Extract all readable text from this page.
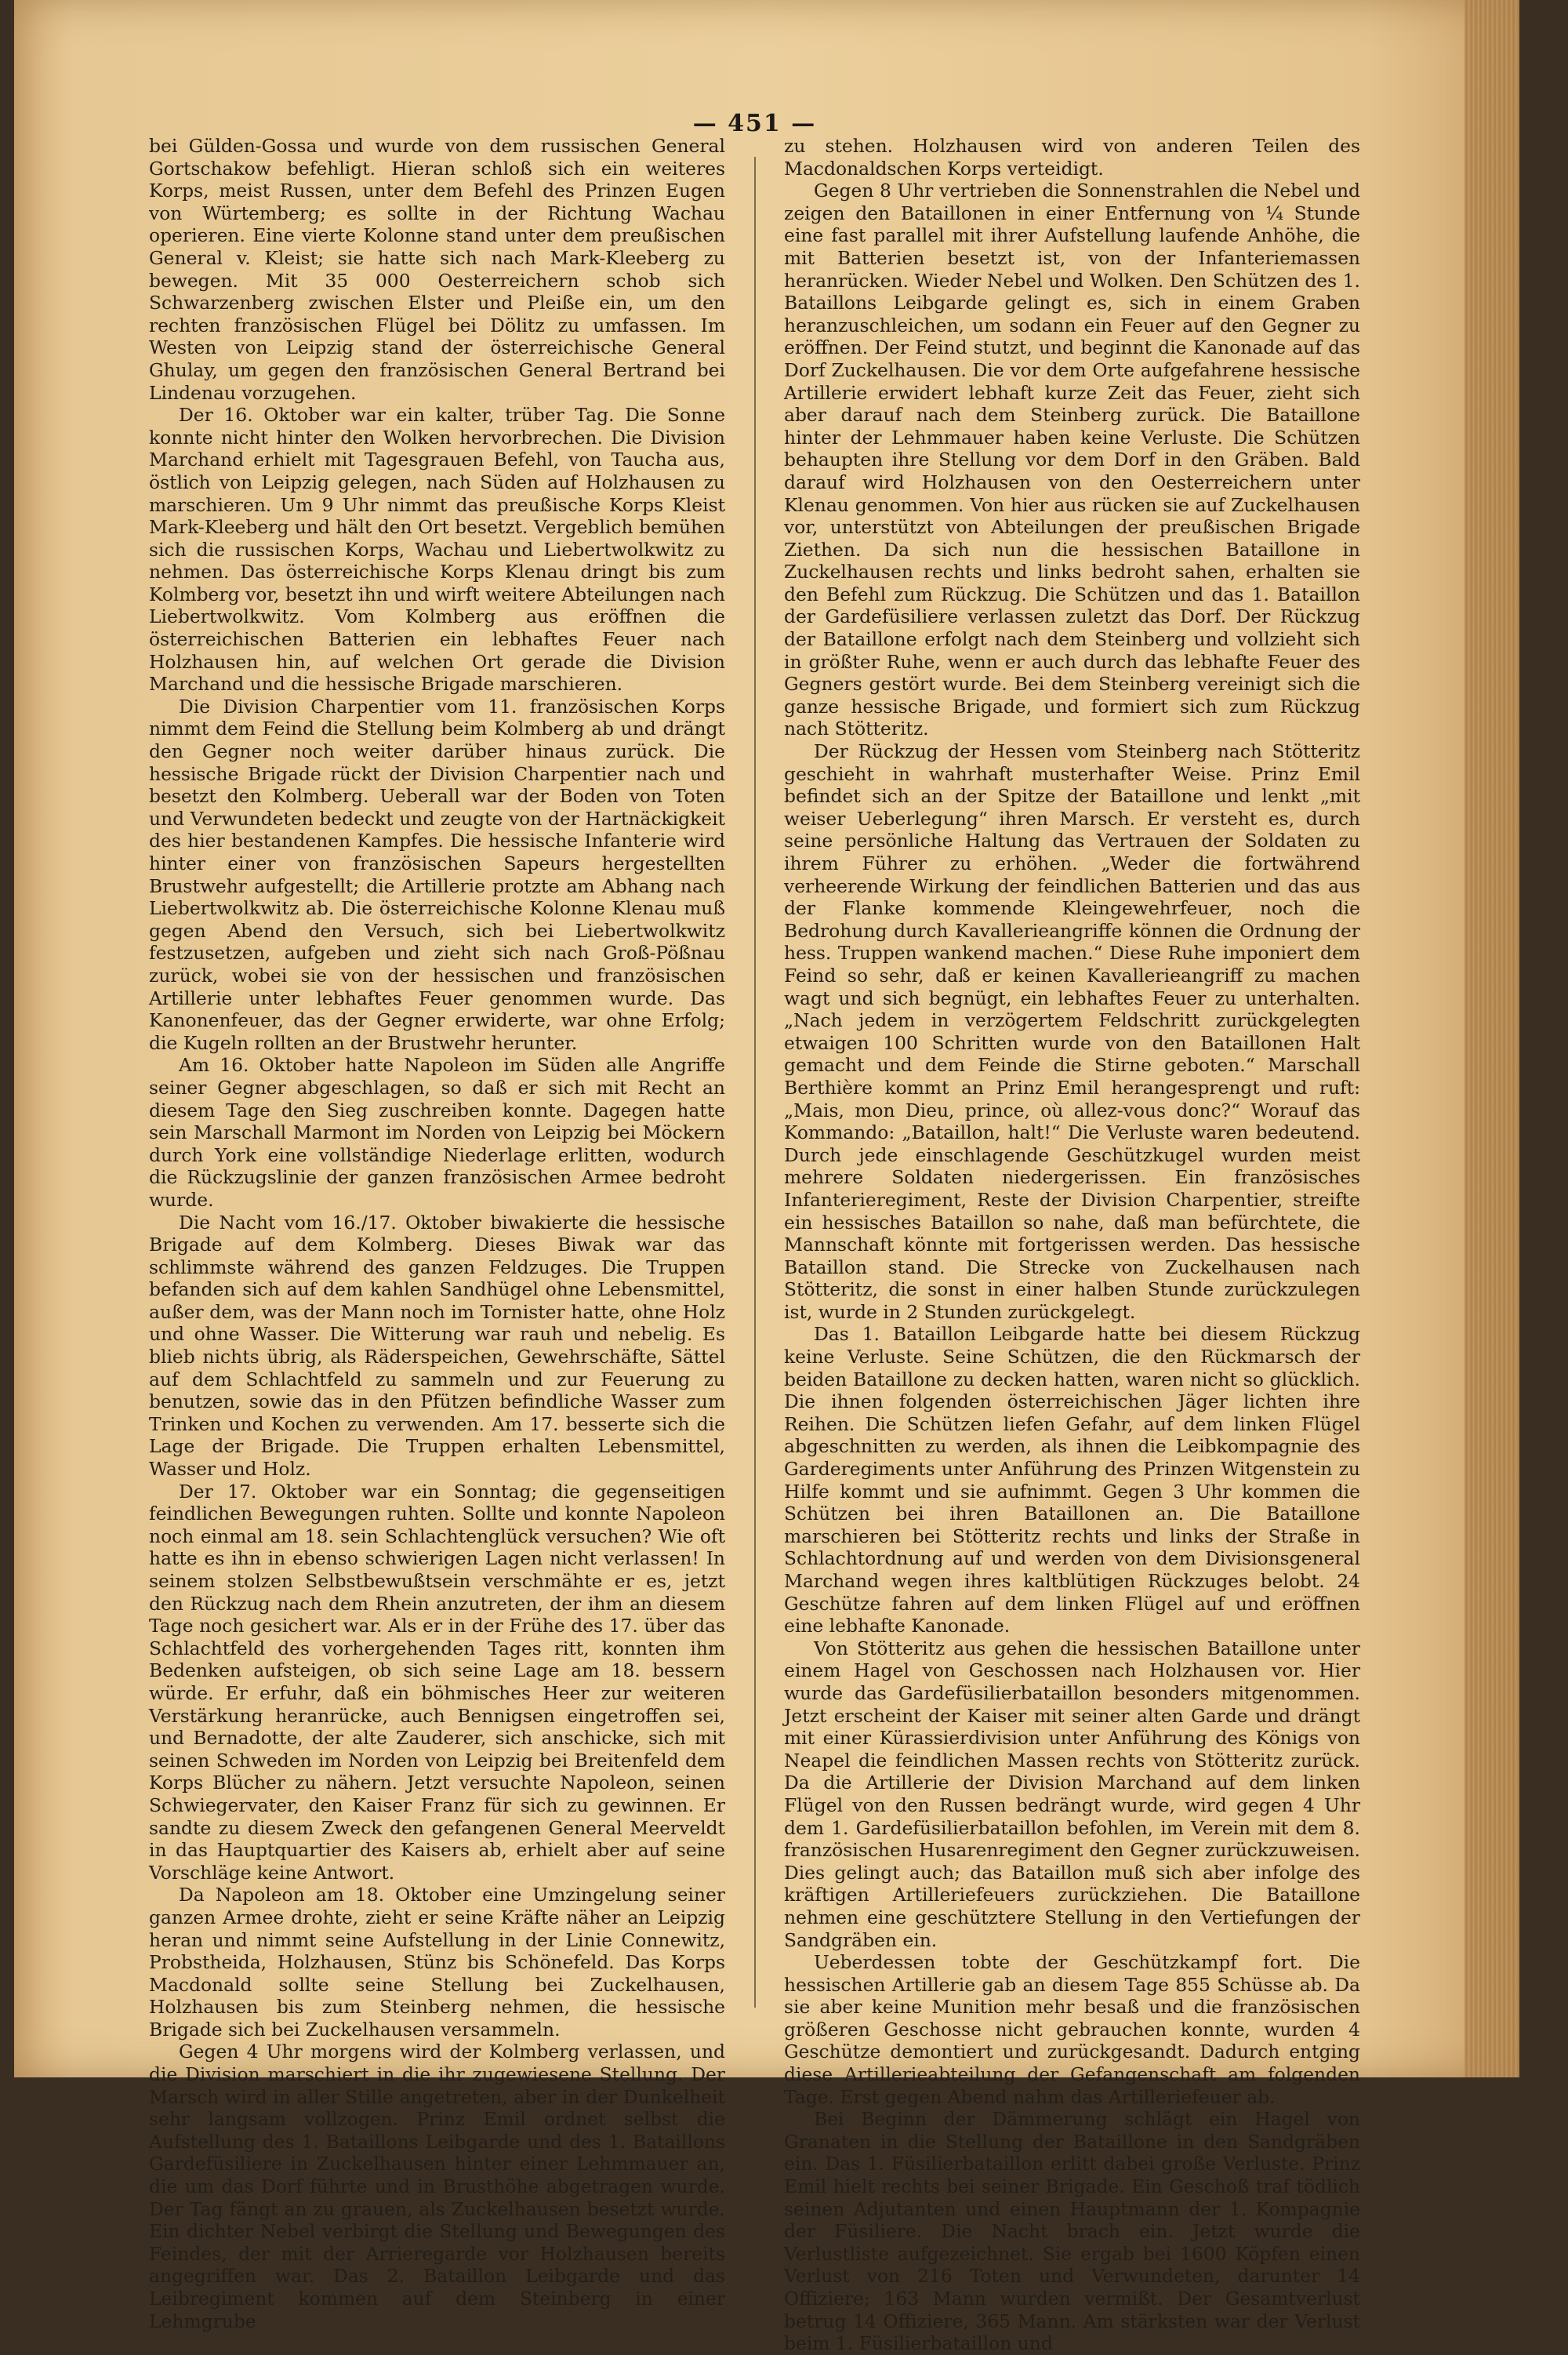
— 451 —

bei Gülden-Gossa und wurde von dem russischen General Gortschakow befehligt. Hieran schloß sich ein weiteres Korps, meist Russen, unter dem Befehl des Prinzen Eugen von Würtemberg; es sollte in der Richtung Wachau operieren. Eine vierte Kolonne stand unter dem preußischen General v. Kleist; sie hatte sich nach Mark-Kleeberg zu bewegen. Mit 35 000 Oesterreichern schob sich Schwarzenberg zwischen Elster und Pleiße ein, um den rechten französischen Flügel bei Dölitz zu umfassen. Im Westen von Leipzig stand der österreichische General Ghulay, um gegen den französischen General Bertrand bei Lindenau vorzugehen.

Der 16. Oktober war ein kalter, trüber Tag. Die Sonne konnte nicht hinter den Wolken hervorbrechen. Die Division Marchand erhielt mit Tagesgrauen Befehl, von Taucha aus, östlich von Leipzig gelegen, nach Süden auf Holzhausen zu marschieren. Um 9 Uhr nimmt das preußische Korps Kleist Mark-Kleeberg und hält den Ort besetzt. Vergeblich bemühen sich die russischen Korps, Wachau und Liebertwolkwitz zu nehmen. Das österreichische Korps Klenau dringt bis zum Kolmberg vor, besetzt ihn und wirft weitere Abteilungen nach Liebertwolkwitz. Vom Kolmberg aus eröffnen die österreichischen Batterien ein lebhaftes Feuer nach Holzhausen hin, auf welchen Ort gerade die Division Marchand und die hessische Brigade marschieren.

Die Division Charpentier vom 11. französischen Korps nimmt dem Feind die Stellung beim Kolmberg ab und drängt den Gegner noch weiter darüber hinaus zurück. Die hessische Brigade rückt der Division Charpentier nach und besetzt den Kolmberg. Ueberall war der Boden von Toten und Verwundeten bedeckt und zeugte von der Hartnäckigkeit des hier bestandenen Kampfes. Die hessische Infanterie wird hinter einer von französischen Sapeurs hergestellten Brustwehr aufgestellt; die Artillerie protzte am Abhang nach Liebertwolkwitz ab. Die österreichische Kolonne Klenau muß gegen Abend den Versuch, sich bei Liebertwolkwitz festzusetzen, aufgeben und zieht sich nach Groß-Pößnau zurück, wobei sie von der hessischen und französischen Artillerie unter lebhaftes Feuer genommen wurde. Das Kanonenfeuer, das der Gegner erwiderte, war ohne Erfolg; die Kugeln rollten an der Brustwehr herunter.

Am 16. Oktober hatte Napoleon im Süden alle Angriffe seiner Gegner abgeschlagen, so daß er sich mit Recht an diesem Tage den Sieg zuschreiben konnte. Dagegen hatte sein Marschall Marmont im Norden von Leipzig bei Möckern durch York eine vollständige Niederlage erlitten, wodurch die Rückzugslinie der ganzen französischen Armee bedroht wurde.

Die Nacht vom 16./17. Oktober biwakierte die hessische Brigade auf dem Kolmberg. Dieses Biwak war das schlimmste während des ganzen Feldzuges. Die Truppen befanden sich auf dem kahlen Sandhügel ohne Lebensmittel, außer dem, was der Mann noch im Tornister hatte, ohne Holz und ohne Wasser. Die Witterung war rauh und nebelig. Es blieb nichts übrig, als Räderspeichen, Gewehrschäfte, Sättel auf dem Schlachtfeld zu sammeln und zur Feuerung zu benutzen, sowie das in den Pfützen befindliche Wasser zum Trinken und Kochen zu verwenden. Am 17. besserte sich die Lage der Brigade. Die Truppen erhalten Lebensmittel, Wasser und Holz.

Der 17. Oktober war ein Sonntag; die gegenseitigen feindlichen Bewegungen ruhten. Sollte und konnte Napoleon noch einmal am 18. sein Schlachtenglück versuchen? Wie oft hatte es ihn in ebenso schwierigen Lagen nicht verlassen! In seinem stolzen Selbstbewußtsein verschmähte er es, jetzt den Rückzug nach dem Rhein anzutreten, der ihm an diesem Tage noch gesichert war. Als er in der Frühe des 17. über das Schlachtfeld des vorhergehenden Tages ritt, konnten ihm Bedenken aufsteigen, ob sich seine Lage am 18. bessern würde. Er erfuhr, daß ein böhmisches Heer zur weiteren Verstärkung heranrücke, auch Bennigsen eingetroffen sei, und Bernadotte, der alte Zauderer, sich anschicke, sich mit seinen Schweden im Norden von Leipzig bei Breitenfeld dem Korps Blücher zu nähern. Jetzt versuchte Napoleon, seinen Schwiegervater, den Kaiser Franz für sich zu gewinnen. Er sandte zu diesem Zweck den gefangenen General Meerveldt in das Hauptquartier des Kaisers ab, erhielt aber auf seine Vorschläge keine Antwort.

Da Napoleon am 18. Oktober eine Umzingelung seiner ganzen Armee drohte, zieht er seine Kräfte näher an Leipzig heran und nimmt seine Aufstellung in der Linie Connewitz, Probstheida, Holzhausen, Stünz bis Schönefeld. Das Korps Macdonald sollte seine Stellung bei Zuckelhausen, Holzhausen bis zum Steinberg nehmen, die hessische Brigade sich bei Zuckelhausen versammeln.

Gegen 4 Uhr morgens wird der Kolmberg verlassen, und die Division marschiert in die ihr zugewiesene Stellung. Der Marsch wird in aller Stille angetreten, aber in der Dunkelheit sehr langsam vollzogen. Prinz Emil ordnet selbst die Aufstellung des 1. Bataillons Leibgarde und des 1. Bataillons Gardefüsiliere in Zuckelhausen hinter einer Lehmmauer an, die um das Dorf führte und in Brusthöhe abgetragen wurde. Der Tag fängt an zu grauen, als Zuckelhausen besetzt wurde. Ein dichter Nebel verbirgt die Stellung und Bewegungen des Feindes, der mit der Arrieregarde vor Holzhausen bereits angegriffen war. Das 2. Bataillon Leibgarde und das Leibregiment kommen auf dem Steinberg in einer Lehmgrube

zu stehen. Holzhausen wird von anderen Teilen des Macdonaldschen Korps verteidigt.

Gegen 8 Uhr vertrieben die Sonnenstrahlen die Nebel und zeigen den Bataillonen in einer Entfernung von ¼ Stunde eine fast parallel mit ihrer Aufstellung laufende Anhöhe, die mit Batterien besetzt ist, von der Infanteriemassen heranrücken. Wieder Nebel und Wolken. Den Schützen des 1. Bataillons Leibgarde gelingt es, sich in einem Graben heranzuschleichen, um sodann ein Feuer auf den Gegner zu eröffnen. Der Feind stutzt, und beginnt die Kanonade auf das Dorf Zuckelhausen. Die vor dem Orte aufgefahrene hessische Artillerie erwidert lebhaft kurze Zeit das Feuer, zieht sich aber darauf nach dem Steinberg zurück. Die Bataillone hinter der Lehmmauer haben keine Verluste. Die Schützen behaupten ihre Stellung vor dem Dorf in den Gräben. Bald darauf wird Holzhausen von den Oesterreichern unter Klenau genommen. Von hier aus rücken sie auf Zuckelhausen vor, unterstützt von Abteilungen der preußischen Brigade Ziethen. Da sich nun die hessischen Bataillone in Zuckelhausen rechts und links bedroht sahen, erhalten sie den Befehl zum Rückzug. Die Schützen und das 1. Bataillon der Gardefüsiliere verlassen zuletzt das Dorf. Der Rückzug der Bataillone erfolgt nach dem Steinberg und vollzieht sich in größter Ruhe, wenn er auch durch das lebhafte Feuer des Gegners gestört wurde. Bei dem Steinberg vereinigt sich die ganze hessische Brigade, und formiert sich zum Rückzug nach Stötteritz.

Der Rückzug der Hessen vom Steinberg nach Stötteritz geschieht in wahrhaft musterhafter Weise. Prinz Emil befindet sich an der Spitze der Bataillone und lenkt „mit weiser Ueberlegung“ ihren Marsch. Er versteht es, durch seine persönliche Haltung das Vertrauen der Soldaten zu ihrem Führer zu erhöhen. „Weder die fortwährend verheerende Wirkung der feindlichen Batterien und das aus der Flanke kommende Kleingewehrfeuer, noch die Bedrohung durch Kavallerieangriffe können die Ordnung der hess. Truppen wankend machen.“ Diese Ruhe imponiert dem Feind so sehr, daß er keinen Kavallerieangriff zu machen wagt und sich begnügt, ein lebhaftes Feuer zu unterhalten. „Nach jedem in verzögertem Feldschritt zurückgelegten etwaigen 100 Schritten wurde von den Bataillonen Halt gemacht und dem Feinde die Stirne geboten.“ Marschall Berthière kommt an Prinz Emil herangesprengt und ruft: „Mais, mon Dieu, prince, où allez-vous donc?“ Worauf das Kommando: „Bataillon, halt!“ Die Verluste waren bedeutend. Durch jede einschlagende Geschützkugel wurden meist mehrere Soldaten niedergerissen. Ein französisches Infanterieregiment, Reste der Division Charpentier, streifte ein hessisches Bataillon so nahe, daß man befürchtete, die Mannschaft könnte mit fortgerissen werden. Das hessische Bataillon stand. Die Strecke von Zuckelhausen nach Stötteritz, die sonst in einer halben Stunde zurückzulegen ist, wurde in 2 Stunden zurückgelegt.

Das 1. Bataillon Leibgarde hatte bei diesem Rückzug keine Verluste. Seine Schützen, die den Rückmarsch der beiden Bataillone zu decken hatten, waren nicht so glücklich. Die ihnen folgenden österreichischen Jäger lichten ihre Reihen. Die Schützen liefen Gefahr, auf dem linken Flügel abgeschnitten zu werden, als ihnen die Leibkompagnie des Garderegiments unter Anführung des Prinzen Witgenstein zu Hilfe kommt und sie aufnimmt. Gegen 3 Uhr kommen die Schützen bei ihren Bataillonen an. Die Bataillone marschieren bei Stötteritz rechts und links der Straße in Schlachtordnung auf und werden von dem Divisionsgeneral Marchand wegen ihres kaltblütigen Rückzuges belobt. 24 Geschütze fahren auf dem linken Flügel auf und eröffnen eine lebhafte Kanonade.

Von Stötteritz aus gehen die hessischen Bataillone unter einem Hagel von Geschossen nach Holzhausen vor. Hier wurde das Gardefüsilierbataillon besonders mitgenommen. Jetzt erscheint der Kaiser mit seiner alten Garde und drängt mit einer Kürassierdivision unter Anführung des Königs von Neapel die feindlichen Massen rechts von Stötteritz zurück. Da die Artillerie der Division Marchand auf dem linken Flügel von den Russen bedrängt wurde, wird gegen 4 Uhr dem 1. Gardefüsilierbataillon befohlen, im Verein mit dem 8. französischen Husarenregiment den Gegner zurückzuweisen. Dies gelingt auch; das Bataillon muß sich aber infolge des kräftigen Artilleriefeuers zurückziehen. Die Bataillone nehmen eine geschütztere Stellung in den Vertiefungen der Sandgräben ein.

Ueberdessen tobte der Geschützkampf fort. Die hessischen Artillerie gab an diesem Tage 855 Schüsse ab. Da sie aber keine Munition mehr besaß und die französischen größeren Geschosse nicht gebrauchen konnte, wurden 4 Geschütze demontiert und zurückgesandt. Dadurch entging diese Artillerieabteilung der Gefangenschaft am folgenden Tage. Erst gegen Abend nahm das Artilleriefeuer ab.

Bei Beginn der Dämmerung schlägt ein Hagel von Granaten in die Stellung der Bataillone in den Sandgräben ein. Das 1. Füsilierbataillon erlitt dabei große Verluste. Prinz Emil hielt rechts bei seiner Brigade. Ein Geschoß traf tödlich seinen Adjutanten und einen Hauptmann der 1. Kompagnie der Füsiliere. Die Nacht brach ein. Jetzt wurde die Verlustliste aufgezeichnet. Sie ergab bei 1600 Köpfen einen Verlust von 216 Toten und Verwundeten, darunter 14 Offiziere; 163 Mann wurden vermißt. Der Gesamtverlust betrug 14 Offiziere, 365 Mann. Am stärksten war der Verlust beim 1. Füsilierbataillon und
